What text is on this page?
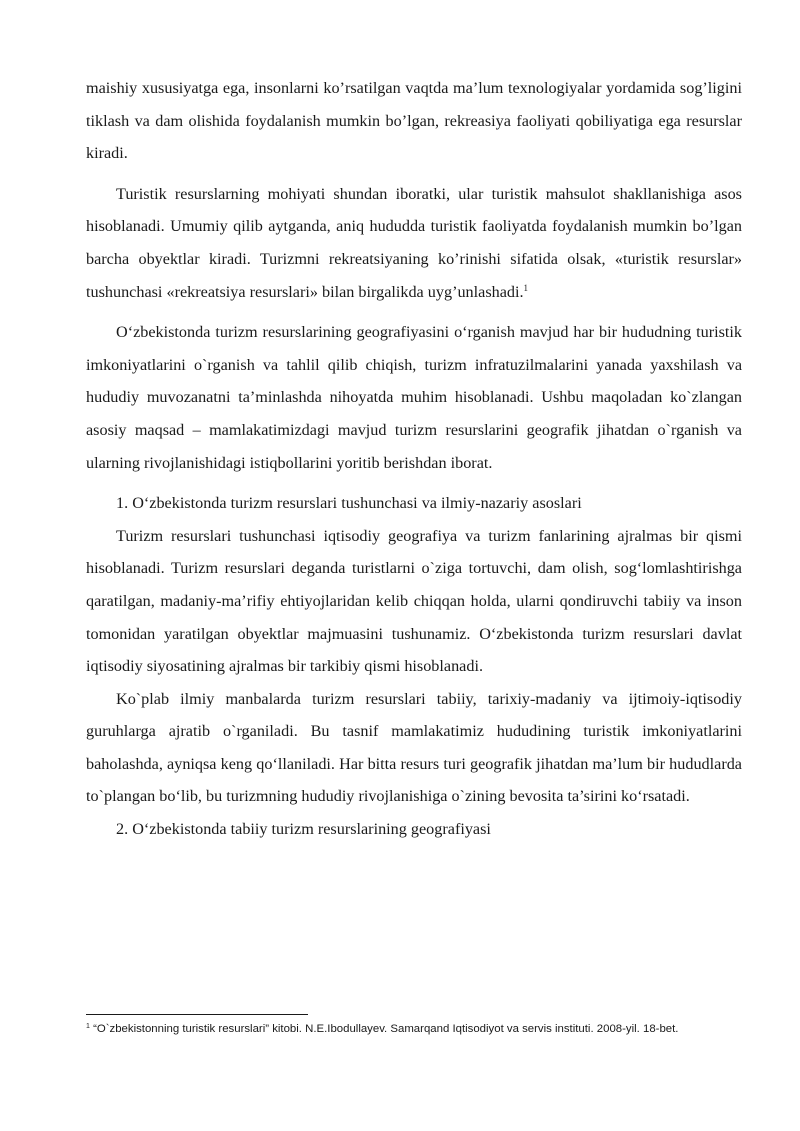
maishiy xususiyatga ega, insonlarni ko’rsatilgan vaqtda ma’lum texnologiyalar yordamida sog’ligini tiklash va dam olishida foydalanish mumkin bo’lgan, rekreasiya faoliyati qobiliyatiga ega resurslar kiradi.

Turistik resurslarning mohiyati shundan iboratki, ular turistik mahsulot shakllanishiga asos hisoblanadi. Umumiy qilib aytganda, aniq hududda turistik faoliyatda foydalanish mumkin bo’lgan barcha obyektlar kiradi. Turizmni rekreatsiyaning ko’rinishi sifatida olsak, «turistik resurslar» tushunchasi «rekreatsiya resurslari» bilan birgalikda uyg’unlashadi.$^1$

O‘zbekistonda turizm resurslarining geografiyasini o‘rganish mavjud har bir hududning turistik imkoniyatlarini o`rganish va tahlil qilib chiqish, turizm infratuzilmalarini yanada yaxshilash va hududiy muvozanatni ta’minlashda nihoyatda muhim hisoblanadi. Ushbu maqoladan ko`zlangan asosiy maqsad – mamlakatimizdagi mavjud turizm resurslarini geografik jihatdan o`rganish va ularning rivojlanishidagi istiqbollarini yoritib berishdan iborat.

1. O‘zbekistonda turizm resurslari tushunchasi va ilmiy-nazariy asoslari

Turizm resurslari tushunchasi iqtisodiy geografiya va turizm fanlarining ajralmas bir qismi hisoblanadi. Turizm resurslari deganda turistlarni o`ziga tortuvchi, dam olish, sog‘lomlashtirishga qaratilgan, madaniy-ma’rifiy ehtiyojlaridan kelib chiqqan holda, ularni qondiruvchi tabiiy va inson tomonidan yaratilgan obyektlar majmuasini tushunamiz. O‘zbekistonda turizm resurslari davlat iqtisodiy siyosatining ajralmas bir tarkibiy qismi hisoblanadi.

Ko`plab ilmiy manbalarda turizm resurslari tabiiy, tarixiy-madaniy va ijtimoiy-iqtisodiy guruhlarga ajratib o`rganiladi. Bu tasnif mamlakatimiz hududining turistik imkoniyatlarini baholashda, ayniqsa keng qo‘llaniladi. Har bitta resurs turi geografik jihatdan ma’lum bir hududlarda to`plangan bo‘lib, bu turizmning hududiy rivojlanishiga o`zining bevosita ta’sirini ko‘rsatadi.

2. O‘zbekistonda tabiiy turizm resurslarining geografiyasi

$^1$ “O`zbekistonning turistik resurslari” kitobi. N.E.Ibodullayev. Samarqand Iqtisodiyot va servis instituti. 2008-yil. 18-bet.
